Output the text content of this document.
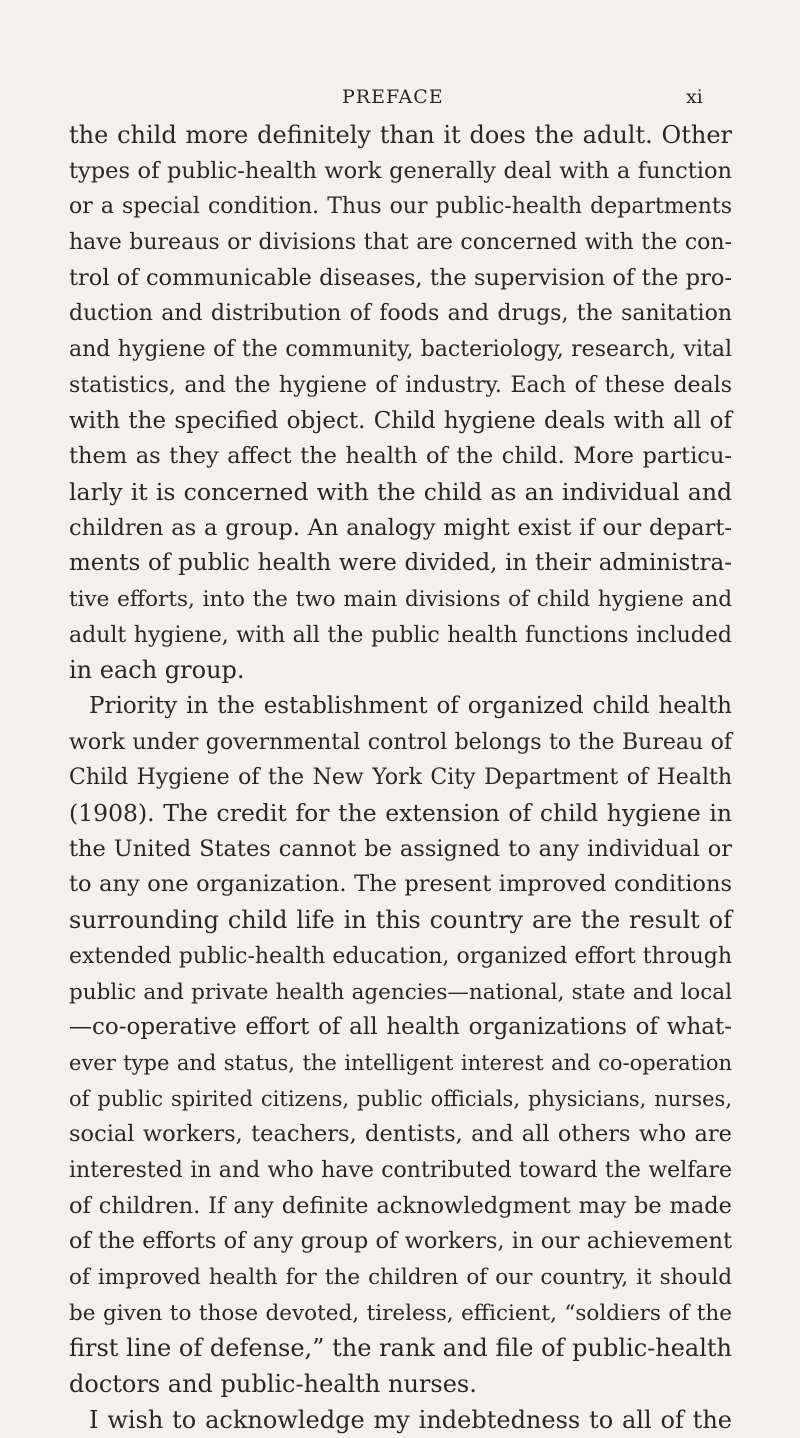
PREFACE	xi
the child more definitely than it does the adult. Other
types of public-health work generally deal with a function
or a special condition. Thus our public-health departments
have bureaus or divisions that are concerned with the con-
trol of communicable diseases, the supervision of the pro-
duction and distribution of foods and drugs, the sanitation
and hygiene of the community, bacteriology, research, vital
statistics, and the hygiene of industry. Each of these deals
with the specified object. Child hygiene deals with all of
them as they affect the health of the child. More particu-
larly it is concerned with the child as an individual and
children as a group. An analogy might exist if our depart-
ments of public health were divided, in their administra-
tive efforts, into the two main divisions of child hygiene and
adult hygiene, with all the public health functions included
in each group.
Priority in the establishment of organized child health
work under governmental control belongs to the Bureau of
Child Hygiene of the New York City Department of Health
(1908). The credit for the extension of child hygiene in
the United States cannot be assigned to any individual or
to any one organization. The present improved conditions
surrounding child life in this country are the result of
extended public-health education, organized effort through
public and private health agencies—national, state and local
—co-operative effort of all health organizations of what-
ever type and status, the intelligent interest and co-operation
of public spirited citizens, public officials, physicians, nurses,
social workers, teachers, dentists, and all others who are
interested in and who have contributed toward the welfare
of children. If any definite acknowledgment may be made
of the efforts of any group of workers, in our achievement
of improved health for the children of our country, it should
be given to those devoted, tireless, efficient, “soldiers of the
first line of defense,” the rank and file of public-health
doctors and public-health nurses.
I wish to acknowledge my indebtedness to all of the
